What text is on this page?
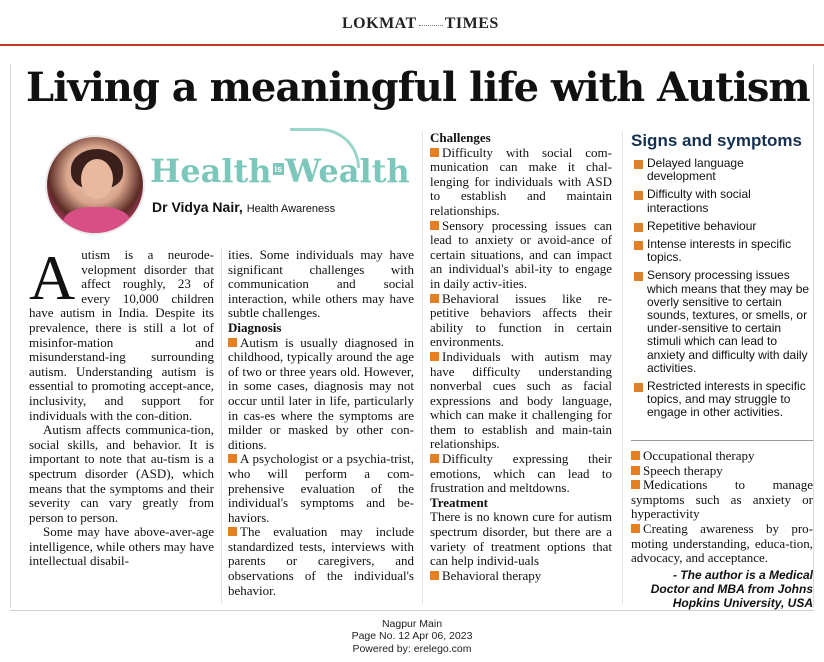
LOKMAT TIMES
Living a meaningful life with Autism
Health isWealth
Dr Vidya Nair, Health Awareness

Autism is a neurode-velopment disorder that affect roughly, 23 of every 10,000 children have autism in India. Despite its prevalence, there is still a lot of misinfor-mation and misunderstand-ing surrounding autism. Understanding autism is essential to promoting accept-ance, inclusivity, and support for individuals with the con-dition.

Autism affects communica-tion, social skills, and behavior. It is important to note that au-tism is a spectrum disorder (ASD), which means that the symptoms and their severity can vary greatly from person to person.

Some may have above-aver-age intelligence, while others may have intellectual disabil-

ities. Some individuals may have significant challenges with communication and social interaction, while others may have subtle challenges.

Diagnosis

Autism is usually diagnosed in childhood, typically around the age of two or three years old. However, in some cases, diagnosis may not occur until later in life, particularly in cas-es where the symptoms are milder or masked by other con-ditions.

A psychologist or a psychia-trist, who will perform a com-prehensive evaluation of the individual's symptoms and be-haviors.

The evaluation may include standardized tests, interviews with parents or caregivers, and observations of the individual's behavior.

Challenges

Difficulty with social com-munication can make it chal-lenging for individuals with ASD to establish and maintain relationships.

Sensory processing issues can lead to anxiety or avoid-ance of certain situations, and can impact an individual's abil-ity to engage in daily activ-ities.

Behavioral issues like re-petitive behaviors affects their ability to function in certain environments.

Individuals with autism may have difficulty understanding nonverbal cues such as facial expressions and body language, which can make it challenging for them to establish and main-tain relationships.

Difficulty expressing their emotions, which can lead to frustration and meltdowns.

Treatment

There is no known cure for autism spectrum disorder, but there are a variety of treatment options that can help individ-uals

Behavioral therapy

Signs and symptoms
Delayed language development
Difficulty with social interactions
Repetitive behaviour
Intense interests in specific topics.
Sensory processing issues which means that they may be overly sensitive to certain sounds, textures, or smells, or under-sensitive to certain stimuli which can lead to anxiety and difficulty with daily activities.
Restricted interests in specific topics, and may struggle to engage in other activities.

Occupational therapy

Speech therapy

Medications to manage symptoms such as anxiety or hyperactivity

Creating awareness by pro-moting understanding, educa-tion, advocacy, and acceptance.

- The author is a Medical
Doctor and MBA from Johns
Hopkins University, USA
Nagpur Main
Page No. 12 Apr 06, 2023
Powered by: erelego.com
